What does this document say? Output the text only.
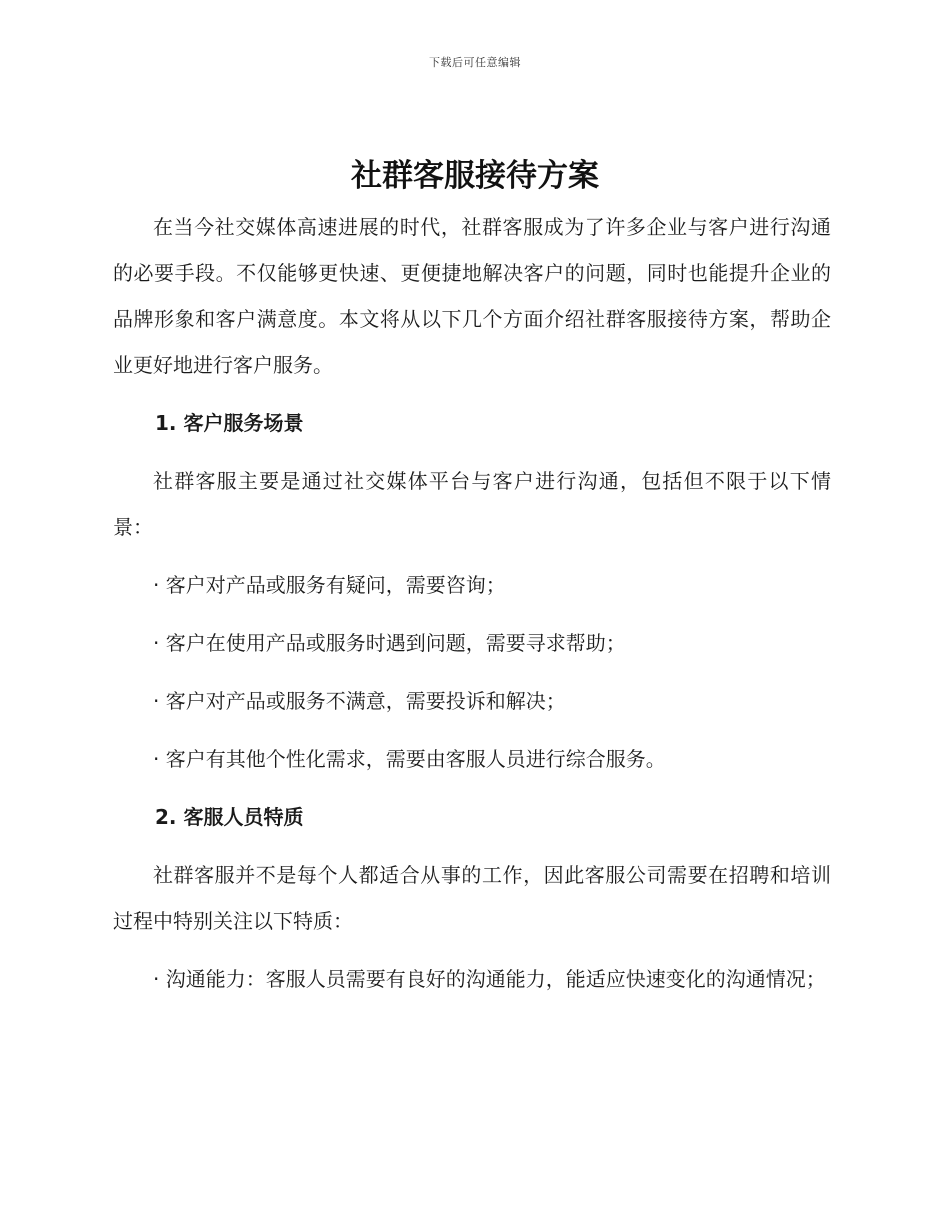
下载后可任意编辑
社群客服接待方案

在当今社交媒体高速进展的时代，社群客服成为了许多企业与客户进行沟通的必要手段。不仅能够更快速、更便捷地解决客户的问题，同时也能提升企业的品牌形象和客户满意度。本文将从以下几个方面介绍社群客服接待方案，帮助企业更好地进行客户服务。

1. 客户服务场景

社群客服主要是通过社交媒体平台与客户进行沟通，包括但不限于以下情景：

· 客户对产品或服务有疑问，需要咨询；
· 客户在使用产品或服务时遇到问题，需要寻求帮助；
· 客户对产品或服务不满意，需要投诉和解决；
· 客户有其他个性化需求，需要由客服人员进行综合服务。
2. 客服人员特质

社群客服并不是每个人都适合从事的工作，因此客服公司需要在招聘和培训过程中特别关注以下特质：

· 沟通能力：客服人员需要有良好的沟通能力，能适应快速变化的沟通情况；
